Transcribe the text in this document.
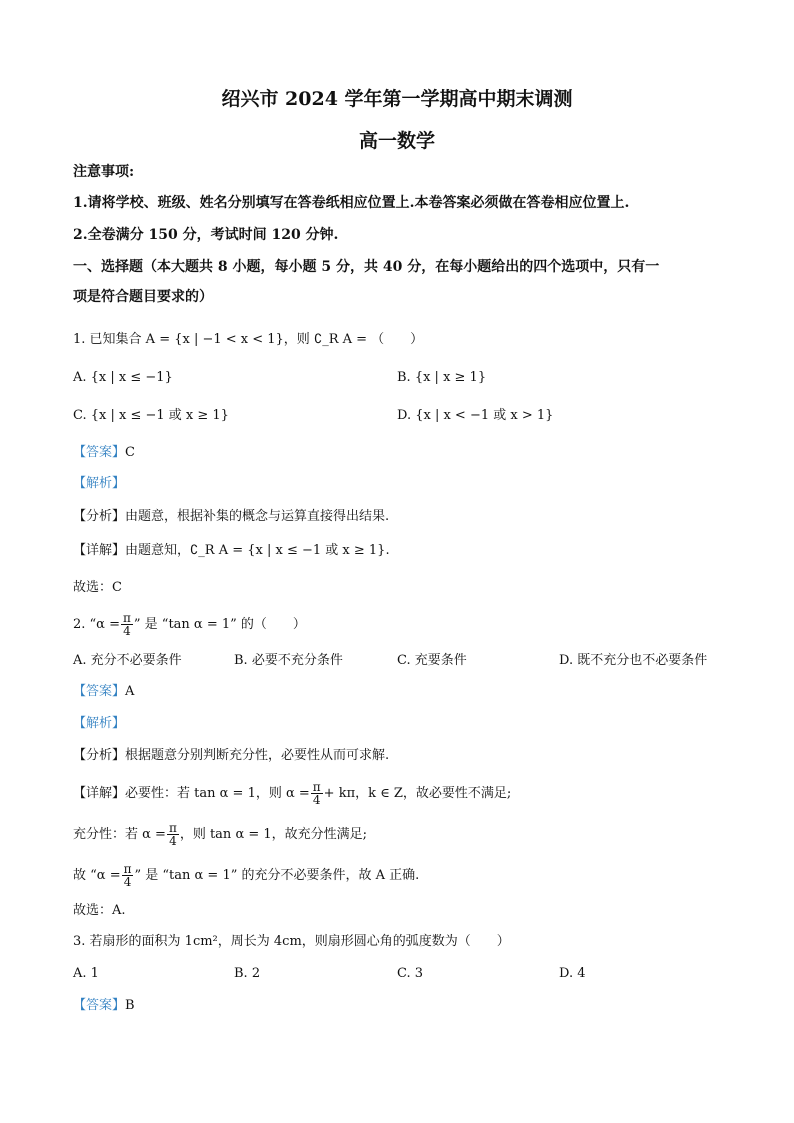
绍兴市 2024 学年第一学期高中期末调测
高一数学
注意事项:
1.请将学校、班级、姓名分别填写在答卷纸相应位置上.本卷答案必须做在答卷相应位置上.
2.全卷满分 150 分，考试时间 120 分钟.
一、选择题（本大题共 8 小题，每小题 5 分，共 40 分，在每小题给出的四个选项中，只有一
项是符合题目要求的）
1. 已知集合 A = {x | −1 < x < 1}，则 ∁_R A = （　　）
A. {x | x ≤ −1}	B. {x | x ≥ 1}
C. {x | x ≤ −1 或 x ≥ 1}	D. {x | x < −1 或 x > 1}
【答案】C
【解析】
【分析】由题意，根据补集的概念与运算直接得出结果.
【详解】由题意知，∁_R A = {x | x ≤ −1 或 x ≥ 1}.
故选：C
2. “$\alpha = \frac{\pi}{4}$ ” 是 “tan α = 1” 的（　　）
A. 充分不必要条件	B. 必要不充分条件	C. 充要条件	D. 既不充分也不必要条件
【答案】A
【解析】
【分析】根据题意分别判断充分性，必要性从而可求解.
【详解】必要性：若 tan α = 1，则 $\alpha = \frac{\pi}{4} + k\pi$，k ∈ Z，故必要性不满足;
充分性：若 $\alpha = \frac{\pi}{4}$ ，则 tan α = 1，故充分性满足;
故 “$\alpha = \frac{\pi}{4}$ ” 是 “tan α = 1” 的充分不必要条件，故 A 正确.
故选：A.
3. 若扇形的面积为 1cm²，周长为 4cm，则扇形圆心角的弧度数为（　　）
A. 1	B. 2	C. 3	D. 4
【答案】B
